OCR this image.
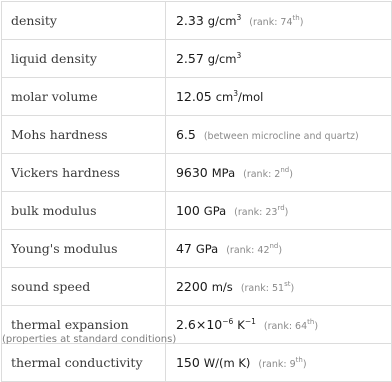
density	2.33 $g/cm^3$ (rank: 74th)
liquid density	2.57 $g/cm^3$
molar volume	12.05 $cm^3$/mol
Mohs hardness	6.5 (between microcline and quartz)
Vickers hardness	9630 MPa (rank: 2nd)
bulk modulus	100 GPa (rank: 23rd)
Young's modulus	47 GPa (rank: 42nd)
sound speed	2200 m/s (rank: 51st)
thermal expansion	$2.6\times 10^{-6}$ $K^{-1}$ (rank: 64th)
thermal conductivity	150 W/(m K) (rank: 9th)
(properties at standard conditions)
